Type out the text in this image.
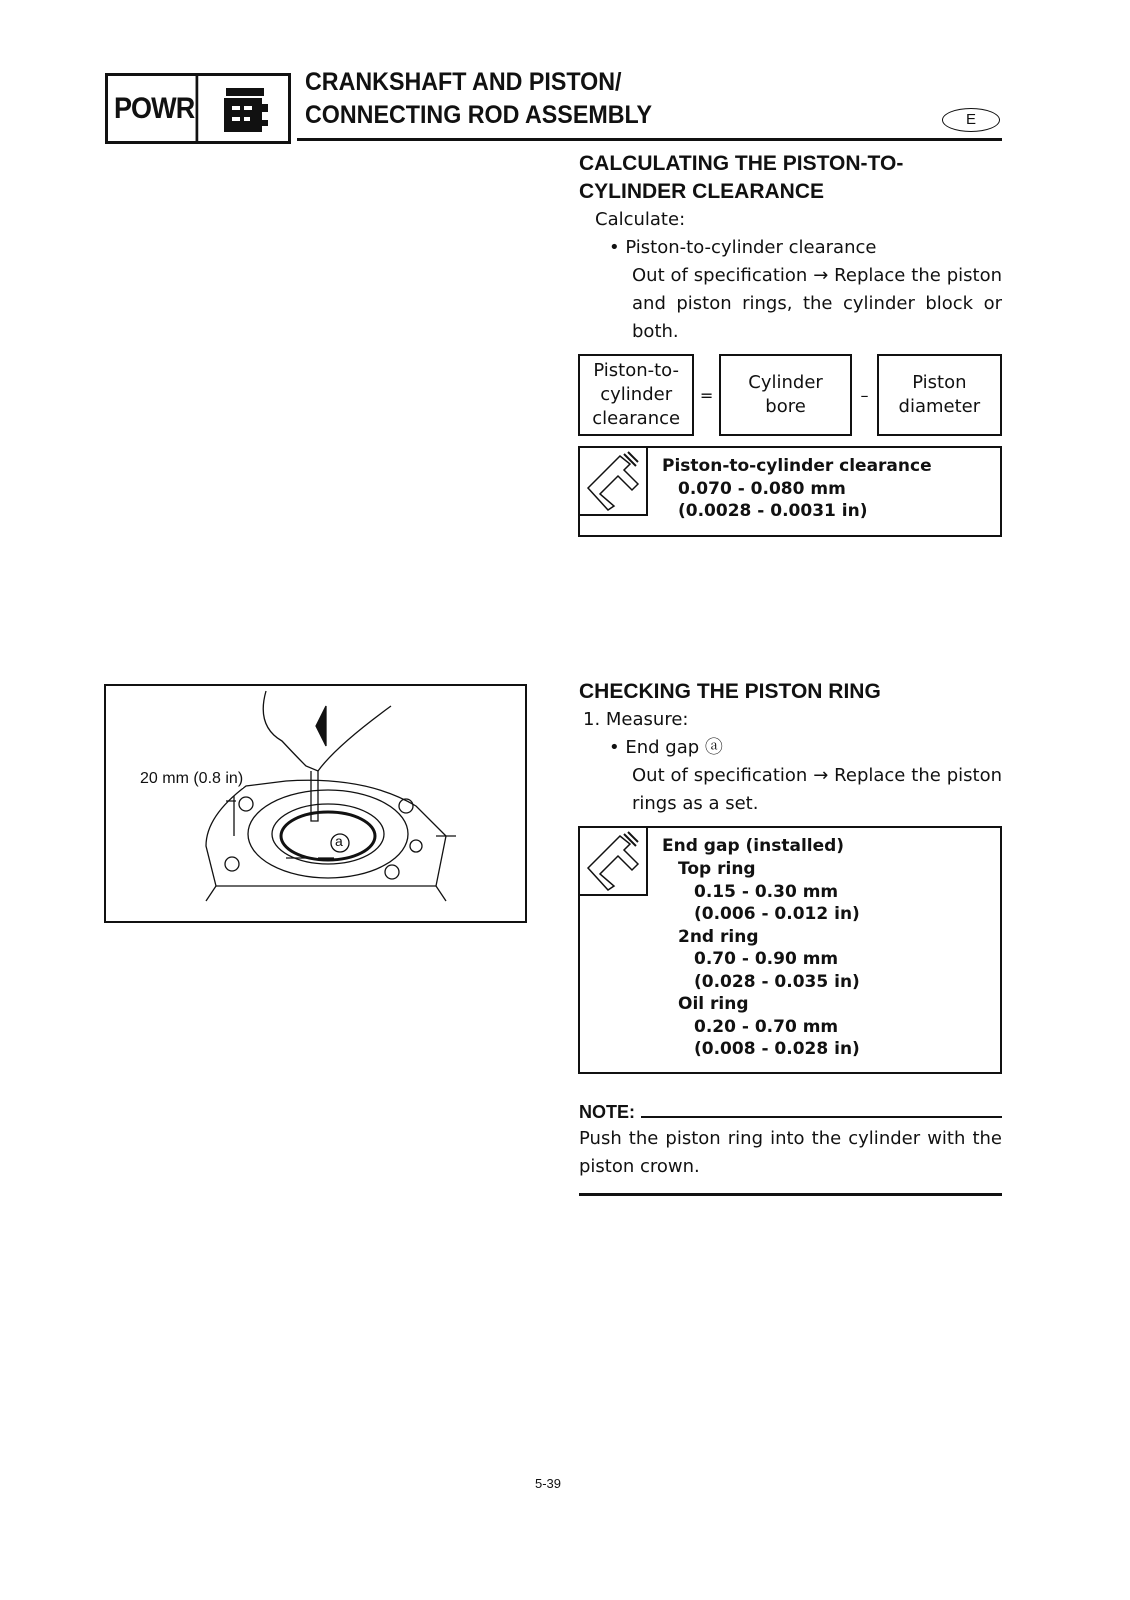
POWR
CRANKSHAFT AND PISTON/
CONNECTING ROD ASSEMBLY	E
CALCULATING THE PISTON-TO-
CYLINDER CLEARANCE
Calculate:
• Piston-to-cylinder clearance
Out of specification → Replace the piston and piston rings, the cylinder block or both.
Piston-to-cylinder clearance
=
Cylinder bore
–
Piston diameter
Piston-to-cylinder clearance
0.070 - 0.080 mm
(0.0028 - 0.0031 in)
20 mm (0.8 in)
a
CHECKING THE PISTON RING
1. Measure:
• End gap ⓐ
Out of specification → Replace the piston rings as a set.
End gap (installed)
Top ring
0.15 - 0.30 mm
(0.006 - 0.012 in)
2nd ring
0.70 - 0.90 mm
(0.028 - 0.035 in)
Oil ring
0.20 - 0.70 mm
(0.008 - 0.028 in)
NOTE:
Push the piston ring into the cylinder with the piston crown.
5-39
